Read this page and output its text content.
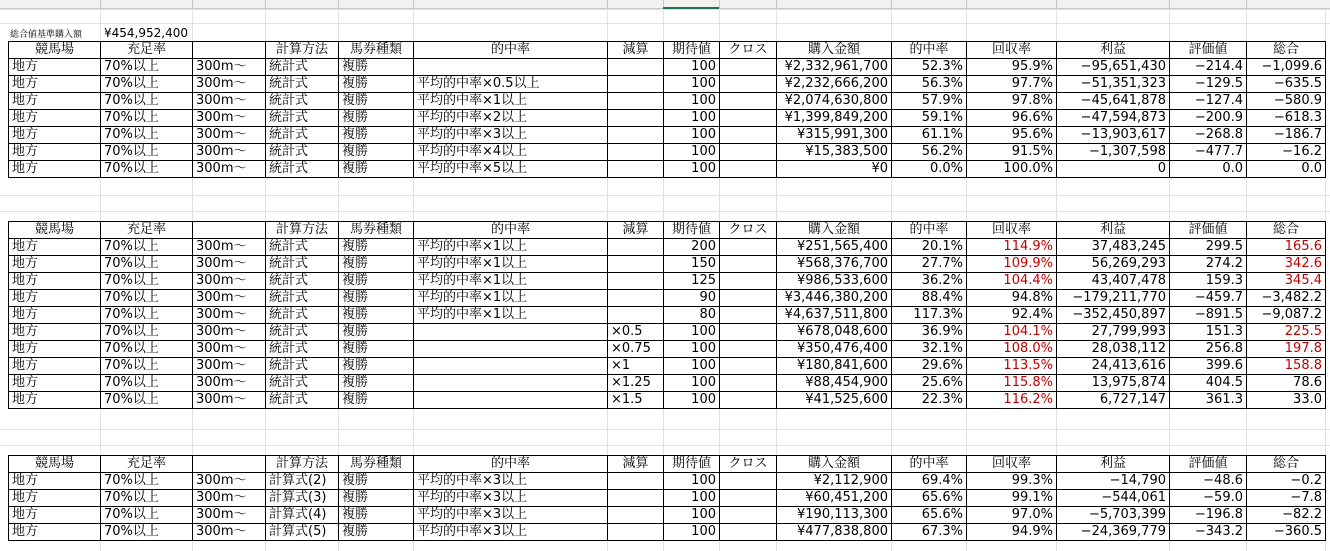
総合値基準購入額 ¥454,952,400
競馬場	充足率		計算方法	馬券種類	的中率	減算	期待値	クロス	購入金額	的中率	回収率	利益	評価値	総合
地方	70%以上	300m〜	統計式	複勝			100		¥2,332,961,700	52.3%	95.9%	−95,651,430	−214.4	−1,099.6
地方	70%以上	300m〜	統計式	複勝	平均的中率×0.5以上		100		¥2,232,666,200	56.3%	97.7%	−51,351,323	−129.5	−635.5
地方	70%以上	300m〜	統計式	複勝	平均的中率×1以上		100		¥2,074,630,800	57.9%	97.8%	−45,641,878	−127.4	−580.9
地方	70%以上	300m〜	統計式	複勝	平均的中率×2以上		100		¥1,399,849,200	59.1%	96.6%	−47,594,873	−200.9	−618.3
地方	70%以上	300m〜	統計式	複勝	平均的中率×3以上		100		¥315,991,300	61.1%	95.6%	−13,903,617	−268.8	−186.7
地方	70%以上	300m〜	統計式	複勝	平均的中率×4以上		100		¥15,383,500	56.2%	91.5%	−1,307,598	−477.7	−16.2
地方	70%以上	300m〜	統計式	複勝	平均的中率×5以上		100		¥0	0.0%	100.0%	0	0.0	0.0
競馬場	充足率		計算方法	馬券種類	的中率	減算	期待値	クロス	購入金額	的中率	回収率	利益	評価値	総合
地方	70%以上	300m〜	統計式	複勝	平均的中率×1以上		200		¥251,565,400	20.1%	114.9%	37,483,245	299.5	165.6
地方	70%以上	300m〜	統計式	複勝	平均的中率×1以上		150		¥568,376,700	27.7%	109.9%	56,269,293	274.2	342.6
地方	70%以上	300m〜	統計式	複勝	平均的中率×1以上		125		¥986,533,600	36.2%	104.4%	43,407,478	159.3	345.4
地方	70%以上	300m〜	統計式	複勝	平均的中率×1以上		90		¥3,446,380,200	88.4%	94.8%	−179,211,770	−459.7	−3,482.2
地方	70%以上	300m〜	統計式	複勝	平均的中率×1以上		80		¥4,637,511,800	117.3%	92.4%	−352,450,897	−891.5	−9,087.2
地方	70%以上	300m〜	統計式	複勝		×0.5	100		¥678,048,600	36.9%	104.1%	27,799,993	151.3	225.5
地方	70%以上	300m〜	統計式	複勝		×0.75	100		¥350,476,400	32.1%	108.0%	28,038,112	256.8	197.8
地方	70%以上	300m〜	統計式	複勝		×1	100		¥180,841,600	29.6%	113.5%	24,413,616	399.6	158.8
地方	70%以上	300m〜	統計式	複勝		×1.25	100		¥88,454,900	25.6%	115.8%	13,975,874	404.5	78.6
地方	70%以上	300m〜	統計式	複勝		×1.5	100		¥41,525,600	22.3%	116.2%	6,727,147	361.3	33.0
競馬場	充足率		計算方法	馬券種類	的中率	減算	期待値	クロス	購入金額	的中率	回収率	利益	評価値	総合
地方	70%以上	300m〜	計算式(2)	複勝	平均的中率×3以上		100		¥2,112,900	69.4%	99.3%	−14,790	−48.6	−0.2
地方	70%以上	300m〜	計算式(3)	複勝	平均的中率×3以上		100		¥60,451,200	65.6%	99.1%	−544,061	−59.0	−7.8
地方	70%以上	300m〜	計算式(4)	複勝	平均的中率×3以上		100		¥190,113,300	65.6%	97.0%	−5,703,399	−196.8	−82.2
地方	70%以上	300m〜	計算式(5)	複勝	平均的中率×3以上		100		¥477,838,800	67.3%	94.9%	−24,369,779	−343.2	−360.5
